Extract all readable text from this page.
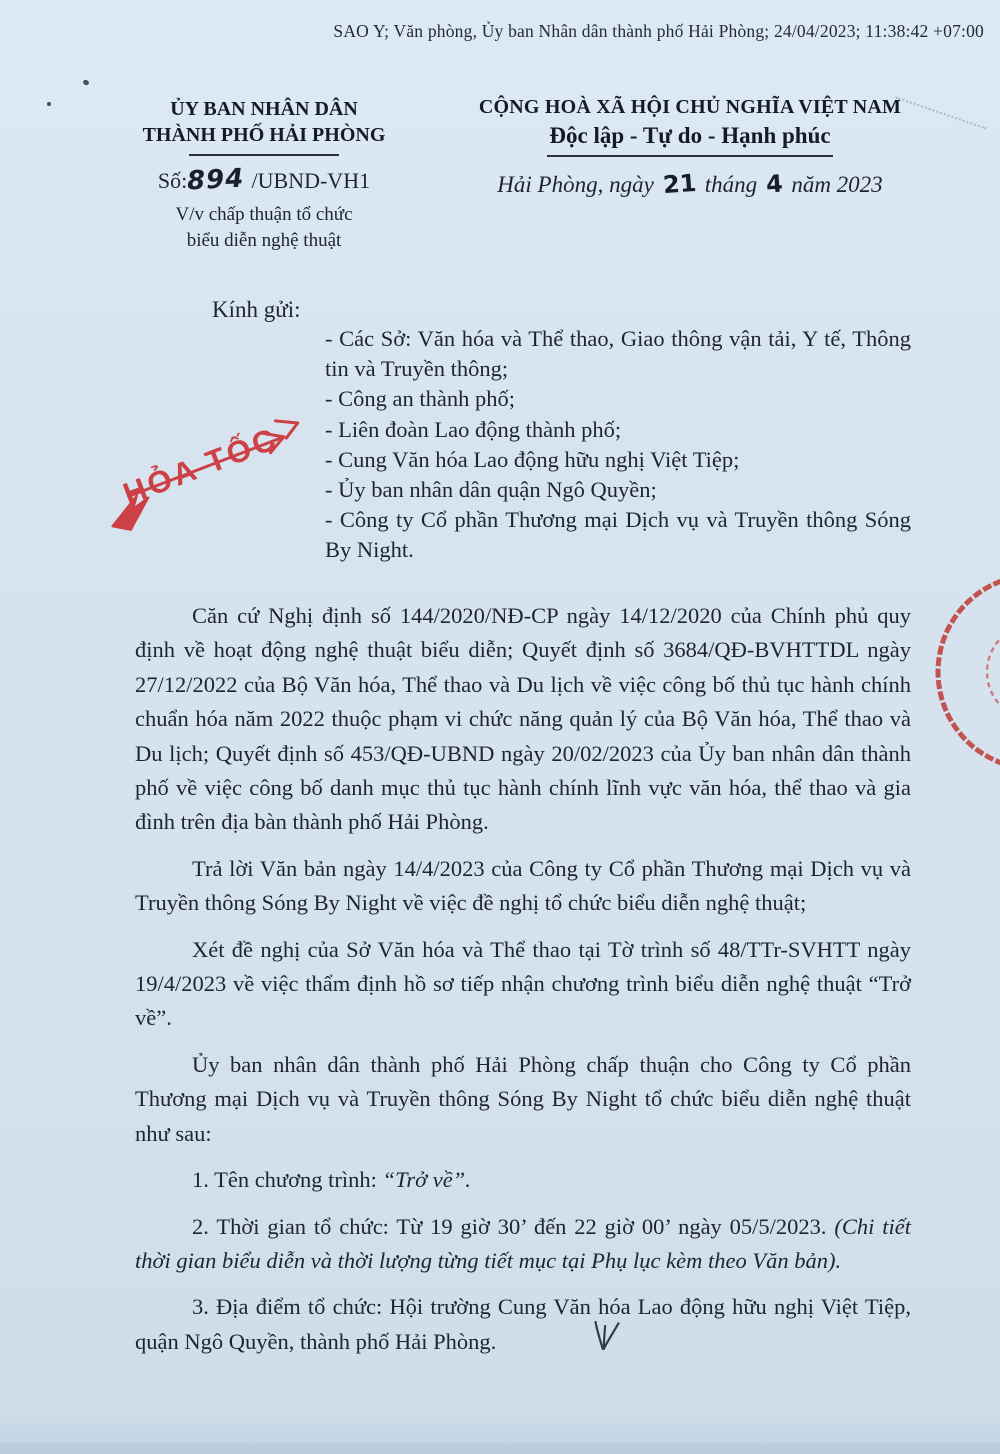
SAO Y; Văn phòng, Ủy ban Nhân dân thành phố Hải Phòng; 24/04/2023; 11:38:42 +07:00
ỦY BAN NHÂN DÂN
THÀNH PHỐ HẢI PHÒNG
Số:894 /UBND-VH1
V/v chấp thuận tổ chức
biểu diễn nghệ thuật
CỘNG HOÀ XÃ HỘI CHỦ NGHĨA VIỆT NAM
Độc lập - Tự do - Hạnh phúc
Hải Phòng, ngày 21 tháng 4 năm 2023
Kính gửi:
- Các Sở: Văn hóa và Thể thao, Giao thông vận tải, Y tế, Thông tin và Truyền thông;
- Công an thành phố;
- Liên đoàn Lao động thành phố;
- Cung Văn hóa Lao động hữu nghị Việt Tiệp;
- Ủy ban nhân dân quận Ngô Quyền;
- Công ty Cổ phần Thương mại Dịch vụ và Truyền thông Sóng By Night.
HỎA TỐC

Căn cứ Nghị định số 144/2020/NĐ-CP ngày 14/12/2020 của Chính phủ quy định về hoạt động nghệ thuật biểu diễn; Quyết định số 3684/QĐ-BVHTTDL ngày 27/12/2022 của Bộ Văn hóa, Thể thao và Du lịch về việc công bố thủ tục hành chính chuẩn hóa năm 2022 thuộc phạm vi chức năng quản lý của Bộ Văn hóa, Thể thao và Du lịch; Quyết định số 453/QĐ-UBND ngày 20/02/2023 của Ủy ban nhân dân thành phố về việc công bố danh mục thủ tục hành chính lĩnh vực văn hóa, thể thao và gia đình trên địa bàn thành phố Hải Phòng.

Trả lời Văn bản ngày 14/4/2023 của Công ty Cổ phần Thương mại Dịch vụ và Truyền thông Sóng By Night về việc đề nghị tổ chức biểu diễn nghệ thuật;

Xét đề nghị của Sở Văn hóa và Thể thao tại Tờ trình số 48/TTr-SVHTT ngày 19/4/2023 về việc thẩm định hồ sơ tiếp nhận chương trình biểu diễn nghệ thuật “Trở về”.

Ủy ban nhân dân thành phố Hải Phòng chấp thuận cho Công ty Cổ phần Thương mại Dịch vụ và Truyền thông Sóng By Night tổ chức biểu diễn nghệ thuật như sau:

1. Tên chương trình: “Trở về”.

2. Thời gian tổ chức: Từ 19 giờ 30’ đến 22 giờ 00’ ngày 05/5/2023. (Chi tiết thời gian biểu diễn và thời lượng từng tiết mục tại Phụ lục kèm theo Văn bản).

3. Địa điểm tổ chức: Hội trường Cung Văn hóa Lao động hữu nghị Việt Tiệp, quận Ngô Quyền, thành phố Hải Phòng.
